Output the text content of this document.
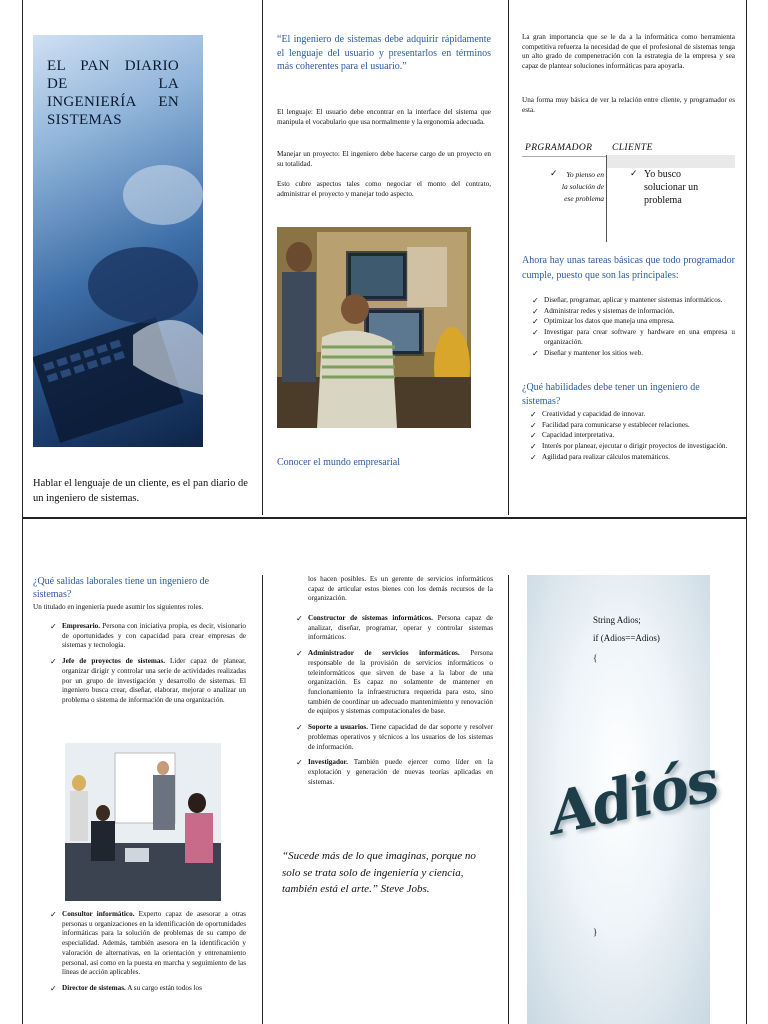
EL PAN DIARIO DE LA INGENIERÍA EN SISTEMAS
Hablar el lenguaje de un cliente, es el pan diario de un ingeniero de sistemas.
“El ingeniero de sistemas debe adquirir rápidamente el lenguaje del usuario y presentarlos en términos más coherentes para el usuario.”
El lenguaje: El usuario debe encontrar en la interface del sistema que manipula el vocabulario que usa normalmente y la ergonomía adecuada.
Manejar un proyecto: El ingeniero debe hacerse cargo de un proyecto en su totalidad.
Esto cubre aspectos tales como negociar el monto del contrato, administrar el proyecto y manejar todo aspecto.
Conocer el mundo empresarial
La gran importancia que se le da a la informática como herramienta competitiva refuerza la necesidad de que el profesional de sistemas tenga un alto grado de compenetración con la estrategia de la empresa y sea capaz de plantear soluciones informáticas para apoyarla.
Una forma muy básica de ver la relación entre cliente, y programador es esta.
PRGRAMADOR CLIENTE
✓	Yo pienso en la solución de ese problema
✓ Yo busco solucionar un problema
Ahora hay unas tareas básicas que todo programador cumple, puesto que son las principales:
✓ Diseñar, programar, aplicar y mantener sistemas informáticos.
✓ Administrar redes y sistemas de información.
✓ Optimizar los datos que maneja una empresa.
✓ Investigar para crear software y hardware en una empresa u organización.
✓ Diseñar y mantener los sitios web.
¿Qué habilidades debe tener un ingeniero de sistemas?
✓ Creatividad y capacidad de innovar.
✓ Facilidad para comunicarse y establecer relaciones.
✓ Capacidad interpretativa.
✓ Interés por planear, ejecutar o dirigir proyectos de investigación.
✓ Agilidad para realizar cálculos matemáticos.
¿Qué salidas laborales tiene un ingeniero de sistemas?
Un titulado en ingeniería puede asumir los siguientes roles.
✓ Empresario. Persona con iniciativa propia, es decir, visionario de oportunidades y con capacidad para crear empresas de sistemas y tecnología.
✓ Jefe de proyectos de sistemas. Líder capaz de planear, organizar dirigir y controlar una serie de actividades realizadas por un grupo de investigación y desarrollo de sistemas. El ingeniero busca crear, diseñar, elaborar, mejorar o analizar un problema o sistema de información de una organización.
✓ Consultor informático. Experto capaz de asesorar a otras personas u organizaciones en la identificación de oportunidades informáticas para la solución de problemas de su campo de especialidad. Además, también asesora en la identificación y valoración de alternativas, en la orientación y entrenamiento personal, así como en la puesta en marcha y seguimiento de las líneas de acción aplicables.
✓ Director de sistemas. A su cargo están todos los
los hacen posibles. Es un gerente de servicios informáticos capaz de articular estos bienes con los demás recursos de la organización.
✓ Constructor de sistemas informáticos. Persona capaz de analizar, diseñar, programar, operar y controlar sistemas informáticos.
✓ Administrador de servicios informáticos. Persona responsable de la provisión de servicios informáticos o teleinformáticos que sirven de base a la labor de una organización. Es capaz no solamente de mantener en funcionamiento la infraestructura requerida para esto, sino también de coordinar un adecuado mantenimiento y renovación de equipos y sistemas computacionales de base.
✓ Soporte a usuarios. Tiene capacidad de dar soporte y resolver problemas operativos y técnicos a los usuarios de los sistemas de información.
✓ Investigador. También puede ejercer como líder en la explotación y generación de nuevas teorías aplicadas en sistemas.
“Sucede más de lo que imaginas, porque no solo se trata solo de ingeniería y ciencia, también está el arte.” Steve Jobs.
String Adios;
if (Adios==Adios)
{
Adiós
}
